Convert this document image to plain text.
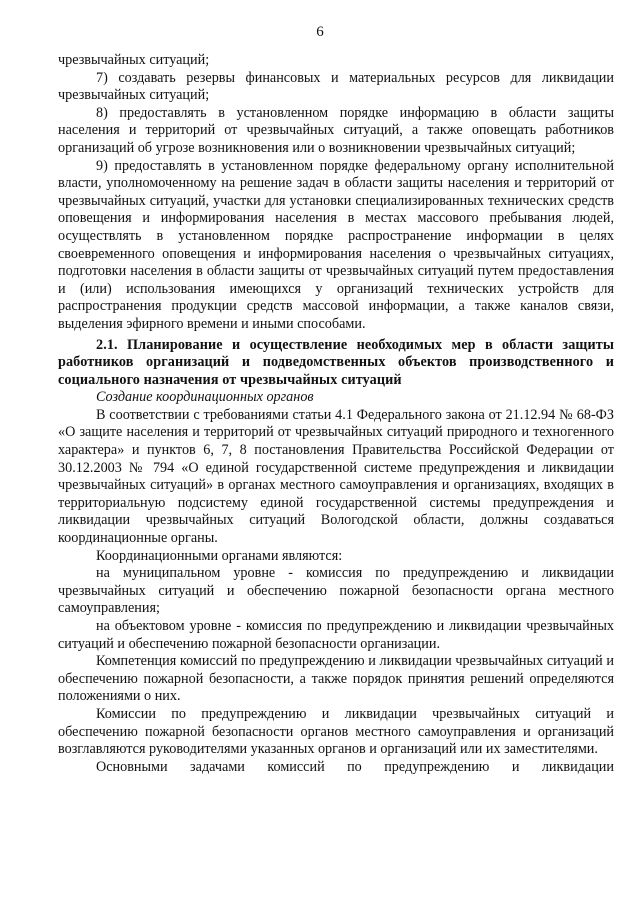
6

чрезвычайных ситуаций;

7) создавать резервы финансовых и материальных ресурсов для ликвидации чрезвычайных ситуаций;

8) предоставлять в установленном порядке информацию в области защиты населения и территорий от чрезвычайных ситуаций, а также оповещать работников организаций об угрозе возникновения или о возникновении чрезвычайных ситуаций;

9) предоставлять в установленном порядке федеральному органу исполнительной власти, уполномоченному на решение задач в области защиты населения и территорий от чрезвычайных ситуаций, участки для установки специализированных технических средств оповещения и информирования населения в местах массового пребывания людей, осуществлять в установленном порядке распространение информации в целях своевременного оповещения и информирования населения о чрезвычайных ситуациях, подготовки населения в области защиты от чрезвычайных ситуаций путем предоставления и (или) использования имеющихся у организаций технических устройств для распространения продукции средств массовой информации, а также каналов связи, выделения эфирного времени и иными способами.

2.1. Планирование и осуществление необходимых мер в области защиты работников организаций и подведомственных объектов производственного и социального назначения от чрезвычайных ситуаций

Создание координационных органов

В соответствии с требованиями статьи 4.1 Федерального закона от 21.12.94 № 68-ФЗ «О защите населения и территорий от чрезвычайных ситуаций природного и техногенного характера» и пунктов 6, 7, 8 постановления Правительства Российской Федерации от 30.12.2003 № 794 «О единой государственной системе предупреждения и ликвидации чрезвычайных ситуаций» в органах местного самоуправления и организациях, входящих в территориальную подсистему единой государственной системы предупреждения и ликвидации чрезвычайных ситуаций Вологодской области, должны создаваться координационные органы.

Координационными органами являются:

на муниципальном уровне - комиссия по предупреждению и ликвидации чрезвычайных ситуаций и обеспечению пожарной безопасности органа местного самоуправления;

на объектовом уровне - комиссия по предупреждению и ликвидации чрезвычайных ситуаций и обеспечению пожарной безопасности организации.

Компетенция комиссий по предупреждению и ликвидации чрезвычайных ситуаций и обеспечению пожарной безопасности, а также порядок принятия решений определяются положениями о них.

Комиссии по предупреждению и ликвидации чрезвычайных ситуаций и обеспечению пожарной безопасности органов местного самоуправления и организаций возглавляются руководителями указанных органов и организаций или их заместителями.

Основными задачами комиссий по предупреждению и ликвидации
